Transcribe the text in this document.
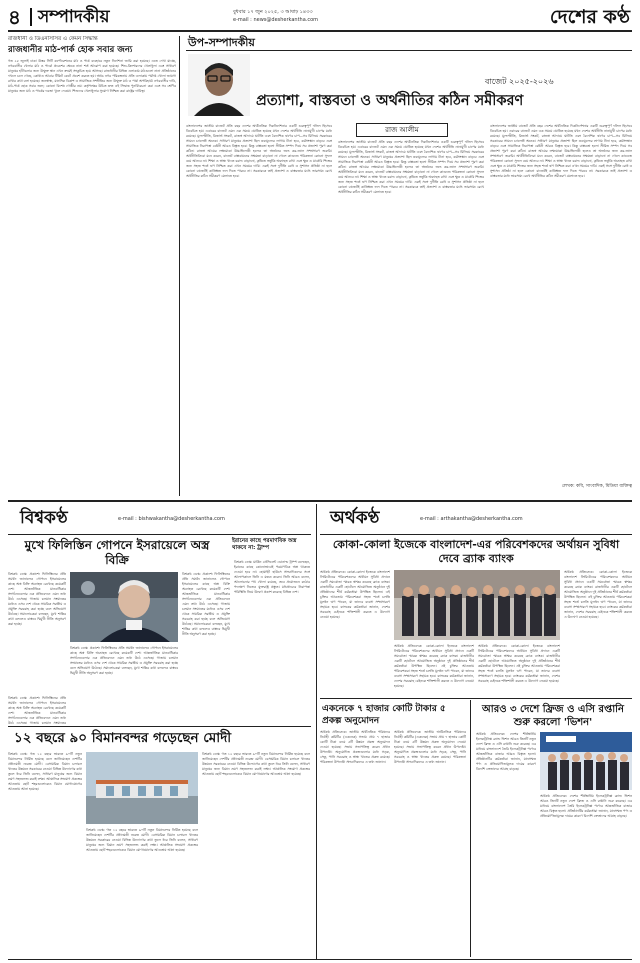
৪ সম্পাদকীয়	বুধবার ১৭ জুন ২০২৫, ৩ আষাঢ় ১৪৩৩
e-mail : news@desherkantha.com	দেশের কণ্ঠ
রাজধানী ও ডিএনসিসির এ কেমন সিদ্ধান্ত
রাজধানীর মাঠ-পার্ক হোক সবার জন্য
গত ২৫ জুলাই ঢাকা উত্তর সিটি কর্পোরেশনের মাঠ ও পার্ক ব্যবহারে নতুন নির্দেশনা জারি করা হয়েছে। এতে দেখা যাচ্ছে, নগরবাসীর খেলার মাঠ ও পার্কে প্রবেশের ক্ষেত্রে নানা শর্ত আরোপ করা হয়েছে। শিশু-কিশোরদের খেলাধুলা এবং সাধারণ মানুষের হাঁটাচলার জন্য উন্মুক্ত স্থান এখন ক্রমেই সংকুচিত হয়ে আসছে। রাজধানীর বিভিন্ন এলাকায় মাঠগুলো নানা প্রতিষ্ঠানের দখলে চলে গেছে, কোথাও আবার টিকিট কেটে প্রবেশ করতে হয়। অথচ নগর পরিকল্পনায় প্রতি এলাকায় পর্যাপ্ত খোলা জায়গা রাখার কথা বলা হয়েছে। জনস্বাস্থ্য, মানসিক বিকাশ ও সামাজিক সম্প্রীতির জন্য উন্মুক্ত মাঠ ও পার্ক অপরিহার্য। নগরবাসীর দাবি, মাঠ-পার্ক হোক সবার জন্য; কোনো বিশেষ গোষ্ঠীর নয়। কর্তৃপক্ষের উচিত দ্রুত এই সিদ্ধান্ত পুনর্বিবেচনা করা এবং সব শ্রেণির মানুষের জন্য মাঠ ও পার্কের দরজা খুলে দেওয়া। শিশুদের খেলাধুলার সুযোগ নিশ্চিত করা রাষ্ট্রের দায়িত্ব।
উপ-সম্পাদকীয়
বাজেট ২০২৫-২০২৬
প্রত্যাশা, বাস্তবতা ও অর্থনীতির কঠিন সমীকরণ
রাজ আলীম
বাংলাদেশের জাতীয় বাজেট প্রতি বছর দেশের অর্থনৈতিক দিকনির্দেশনার একটি গুরুত্বপূর্ণ দলিল হিসেবে বিবেচিত হয়। এবারের বাজেট এমন এক সময়ে ঘোষিত হয়েছে যখন দেশের অর্থনীতি নানামুখী চাপের মধ্যে রয়েছে। মূল্যস্ফীতি, রিজার্ভ সংকট, রাজস্ব আদায়ে ঘাটতি এবং বৈদেশিক ঋণের চাপ—সব মিলিয়ে সরকারের সামনে চ্যালেঞ্জ অনেক। সাধারণ মানুষের প্রত্যাশা ছিল দ্রব্যমূল্যের লাগাম টানা হবে, কর্মসংস্থান বাড়বে এবং সামাজিক নিরাপত্তা বেষ্টনী আরও বিস্তৃত হবে। কিন্তু বাস্তবতা হলো সীমিত সম্পদ দিয়ে সব প্রত্যাশা পূরণ করা কঠিন। রাজস্ব আয়ের লক্ষ্যমাত্রা উচ্চাভিলাষী হলেও তা অর্জনের জন্য কর-জাল সম্প্রসারণ জরুরি। অর্থনীতিবিদরা মনে করেন, বাজেট বাস্তবায়নের সক্ষমতা বাড়ানো না গেলে কাগুজে পরিকল্পনা কোনো সুফল বয়ে আনবে না। শিক্ষা ও স্বাস্থ্য খাতে বরাদ্দ বাড়ানো, কৃষিতে ভর্তুকি অব্যাহত রাখা এবং ক্ষুদ্র ও মাঝারি শিল্পের জন্য সহজ শর্তে ঋণ নিশ্চিত করা এখন সময়ের দাবি। একই সঙ্গে দুর্নীতি রোধ ও সুশাসন প্রতিষ্ঠা না হলে কোনো বাজেটই কাঙ্ক্ষিত ফল দিতে পারবে না। সরকারকে তাই প্রত্যাশা ও বাস্তবতার মধ্যে ভারসাম্য রেখে অর্থনীতির কঠিন সমীকরণ মেলাতে হবে।
বাংলাদেশের জাতীয় বাজেট প্রতি বছর দেশের অর্থনৈতিক দিকনির্দেশনার একটি গুরুত্বপূর্ণ দলিল হিসেবে বিবেচিত হয়। এবারের বাজেট এমন এক সময়ে ঘোষিত হয়েছে যখন দেশের অর্থনীতি নানামুখী চাপের মধ্যে রয়েছে। মূল্যস্ফীতি, রিজার্ভ সংকট, রাজস্ব আদায়ে ঘাটতি এবং বৈদেশিক ঋণের চাপ—সব মিলিয়ে সরকারের সামনে চ্যালেঞ্জ অনেক। সাধারণ মানুষের প্রত্যাশা ছিল দ্রব্যমূল্যের লাগাম টানা হবে, কর্মসংস্থান বাড়বে এবং সামাজিক নিরাপত্তা বেষ্টনী আরও বিস্তৃত হবে। কিন্তু বাস্তবতা হলো সীমিত সম্পদ দিয়ে সব প্রত্যাশা পূরণ করা কঠিন। রাজস্ব আয়ের লক্ষ্যমাত্রা উচ্চাভিলাষী হলেও তা অর্জনের জন্য কর-জাল সম্প্রসারণ জরুরি। অর্থনীতিবিদরা মনে করেন, বাজেট বাস্তবায়নের সক্ষমতা বাড়ানো না গেলে কাগুজে পরিকল্পনা কোনো সুফল বয়ে আনবে না। শিক্ষা ও স্বাস্থ্য খাতে বরাদ্দ বাড়ানো, কৃষিতে ভর্তুকি অব্যাহত রাখা এবং ক্ষুদ্র ও মাঝারি শিল্পের জন্য সহজ শর্তে ঋণ নিশ্চিত করা এখন সময়ের দাবি। একই সঙ্গে দুর্নীতি রোধ ও সুশাসন প্রতিষ্ঠা না হলে কোনো বাজেটই কাঙ্ক্ষিত ফল দিতে পারবে না। সরকারকে তাই প্রত্যাশা ও বাস্তবতার মধ্যে ভারসাম্য রেখে অর্থনীতির কঠিন সমীকরণ মেলাতে হবে।
বাংলাদেশের জাতীয় বাজেট প্রতি বছর দেশের অর্থনৈতিক দিকনির্দেশনার একটি গুরুত্বপূর্ণ দলিল হিসেবে বিবেচিত হয়। এবারের বাজেট এমন এক সময়ে ঘোষিত হয়েছে যখন দেশের অর্থনীতি নানামুখী চাপের মধ্যে রয়েছে। মূল্যস্ফীতি, রিজার্ভ সংকট, রাজস্ব আদায়ে ঘাটতি এবং বৈদেশিক ঋণের চাপ—সব মিলিয়ে সরকারের সামনে চ্যালেঞ্জ অনেক। সাধারণ মানুষের প্রত্যাশা ছিল দ্রব্যমূল্যের লাগাম টানা হবে, কর্মসংস্থান বাড়বে এবং সামাজিক নিরাপত্তা বেষ্টনী আরও বিস্তৃত হবে। কিন্তু বাস্তবতা হলো সীমিত সম্পদ দিয়ে সব প্রত্যাশা পূরণ করা কঠিন। রাজস্ব আয়ের লক্ষ্যমাত্রা উচ্চাভিলাষী হলেও তা অর্জনের জন্য কর-জাল সম্প্রসারণ জরুরি। অর্থনীতিবিদরা মনে করেন, বাজেট বাস্তবায়নের সক্ষমতা বাড়ানো না গেলে কাগুজে পরিকল্পনা কোনো সুফল বয়ে আনবে না। শিক্ষা ও স্বাস্থ্য খাতে বরাদ্দ বাড়ানো, কৃষিতে ভর্তুকি অব্যাহত রাখা এবং ক্ষুদ্র ও মাঝারি শিল্পের জন্য সহজ শর্তে ঋণ নিশ্চিত করা এখন সময়ের দাবি। একই সঙ্গে দুর্নীতি রোধ ও সুশাসন প্রতিষ্ঠা না হলে কোনো বাজেটই কাঙ্ক্ষিত ফল দিতে পারবে না। সরকারকে তাই প্রত্যাশা ও বাস্তবতার মধ্যে ভারসাম্য রেখে অর্থনীতির কঠিন সমীকরণ মেলাতে হবে।
লেখক: কবি, সাংবাদিক, মিডিয়া ব্যক্তিত্ব
বিশ্বকণ্ঠ	e-mail : bishwakantha@desherkantha.com
মুখে ফিলিস্তিন গোপনে ইসরায়েলে অস্ত্র বিক্রি
ইরানের কাছে পরমাণবিক অস্ত্র থাকবে না: ট্রাম্প
বিশ্বকণ্ঠ ডেস্ক: প্রকাশ্যে ফিলিস্তিনের প্রতি সমর্থন জানালেও গোপনে ইসরায়েলের কাছে অস্ত্র বিক্রি অব্যাহত রেখেছে কয়েকটি দেশ। আন্তর্জাতিক মানবাধিকার সংগঠনগুলোর এক প্রতিবেদনে এমন তথ্য উঠে এসেছে। গাজায় চলমান সংঘাতের মধ্যেও এসব দেশ থেকে সামরিক সরঞ্জাম ও প্রযুক্তি সরবরাহ করা হচ্ছে বলে অভিযোগ উঠেছে। সমালোচকরা বলছেন, মুখে শান্তির কথা বললেও বাস্তবে দ্বিমুখী নীতি অনুসরণ করা হচ্ছে।
বিশ্বকণ্ঠ ডেস্ক: প্রকাশ্যে ফিলিস্তিনের প্রতি সমর্থন জানালেও গোপনে ইসরায়েলের কাছে অস্ত্র বিক্রি অব্যাহত রেখেছে কয়েকটি দেশ। আন্তর্জাতিক মানবাধিকার সংগঠনগুলোর এক প্রতিবেদনে এমন তথ্য উঠে এসেছে। গাজায় চলমান সংঘাতের মধ্যেও এসব দেশ থেকে সামরিক সরঞ্জাম ও প্রযুক্তি সরবরাহ করা হচ্ছে বলে অভিযোগ উঠেছে। সমালোচকরা বলছেন, মুখে শান্তির কথা বললেও বাস্তবে দ্বিমুখী নীতি অনুসরণ করা হচ্ছে।
বিশ্বকণ্ঠ ডেস্ক: প্রকাশ্যে ফিলিস্তিনের প্রতি সমর্থন জানালেও গোপনে ইসরায়েলের কাছে অস্ত্র বিক্রি অব্যাহত রেখেছে কয়েকটি দেশ। আন্তর্জাতিক মানবাধিকার সংগঠনগুলোর এক প্রতিবেদনে এমন তথ্য উঠে এসেছে। গাজায় চলমান সংঘাতের মধ্যেও এসব দেশ থেকে সামরিক সরঞ্জাম ও প্রযুক্তি সরবরাহ করা হচ্ছে বলে অভিযোগ উঠেছে। সমালোচকরা বলছেন, মুখে শান্তির কথা বললেও বাস্তবে দ্বিমুখী নীতি অনুসরণ করা হচ্ছে।
বিশ্বকণ্ঠ ডেস্ক: মার্কিন প্রেসিডেন্ট ডোনাল্ড ট্রাম্প বলেছেন, ইরানের কাছে কোনোভাবেই পরমাণবিক অস্ত্র থাকতে দেওয়া হবে না। হোয়াইট হাউসে সাংবাদিকদের সঙ্গে আলাপকালে তিনি এ মন্তব্য করেন। তিনি আরও বলেন, আলোচনার পথ খোলা রয়েছে, তবে প্রয়োজনে কঠোর পদক্ষেপ নিতেও যুক্তরাষ্ট্র প্রস্তুত। মধ্যপ্রাচ্যের নিরাপত্তা পরিস্থিতি নিয়ে উদ্বেগ প্রকাশ করেছে বিভিন্ন দেশ।
বিশ্বকণ্ঠ ডেস্ক: প্রকাশ্যে ফিলিস্তিনের প্রতি সমর্থন জানালেও গোপনে ইসরায়েলের কাছে অস্ত্র বিক্রি অব্যাহত রেখেছে কয়েকটি দেশ। আন্তর্জাতিক মানবাধিকার সংগঠনগুলোর এক প্রতিবেদনে এমন তথ্য উঠে এসেছে। গাজায় চলমান সংঘাতের
১২ বছরে ৯০ বিমানবন্দর গড়েছেন মোদী
বিশ্বকণ্ঠ ডেস্ক: গত ১২ বছরে ভারতে ৯০টি নতুন বিমানবন্দর নির্মিত হয়েছে বলে জানিয়েছেন দেশটির প্রধানমন্ত্রী নরেন্দ্র মোদী। বেসামরিক বিমান চলাচল খাতের উন্নয়নে সরকারের নেওয়া বিভিন্ন উদ্যোগের কথা তুলে ধরে তিনি বলেন, সাধারণ মানুষের জন্য বিমান ভ্রমণ সহজলভ্য করাই লক্ষ্য। আঞ্চলিক সংযোগ প্রকল্পের আওতায় ছোট শহরগুলোকেও বিমান যোগাযোগের আওতায় আনা হয়েছে।
বিশ্বকণ্ঠ ডেস্ক: গত ১২ বছরে ভারতে ৯০টি নতুন বিমানবন্দর নির্মিত হয়েছে বলে জানিয়েছেন দেশটির প্রধানমন্ত্রী নরেন্দ্র মোদী। বেসামরিক বিমান চলাচল খাতের উন্নয়নে সরকারের নেওয়া বিভিন্ন উদ্যোগের কথা তুলে ধরে তিনি বলেন, সাধারণ মানুষের জন্য বিমান ভ্রমণ সহজলভ্য করাই লক্ষ্য। আঞ্চলিক সংযোগ প্রকল্পের আওতায় ছোট শহরগুলোকেও বিমান যোগাযোগের আওতায় আনা হয়েছে।
বিশ্বকণ্ঠ ডেস্ক: গত ১২ বছরে ভারতে ৯০টি নতুন বিমানবন্দর নির্মিত হয়েছে বলে জানিয়েছেন দেশটির প্রধানমন্ত্রী নরেন্দ্র মোদী। বেসামরিক বিমান চলাচল খাতের উন্নয়নে সরকারের নেওয়া বিভিন্ন উদ্যোগের কথা তুলে ধরে তিনি বলেন, সাধারণ মানুষের জন্য বিমান ভ্রমণ সহজলভ্য করাই লক্ষ্য। আঞ্চলিক সংযোগ প্রকল্পের আওতায় ছোট শহরগুলোকেও বিমান যোগাযোগের আওতায় আনা হয়েছে।
অর্থকণ্ঠ	e-mail : arthakantha@desherkantha.com
কোকা-কোলা ইজেকে বাংলাদেশ-এর পরিবেশকদের অর্থায়ন সুবিধা দেবে ব্র্যাক ব্যাংক
অর্থকণ্ঠ প্রতিবেদক: কোকা-কোলা ইজেকে বাংলাদেশ লিমিটেডের পরিবেশকদের অর্থায়ন সুবিধা প্রদানে একটি সমঝোতা স্মারক স্বাক্ষর করেছে ব্র্যাক ব্যাংক। রাজধানীর একটি হোটেলে আয়োজিত অনুষ্ঠানে দুই প্রতিষ্ঠানের শীর্ষ কর্মকর্তারা উপস্থিত ছিলেন। এই চুক্তির আওতায় পরিবেশকরা সহজ শর্তে চলতি মূলধন ঋণ পাবেন, যা তাদের ব্যবসা সম্প্রসারণে সহায়ক হবে। ব্যাংকের কর্মকর্তারা জানান, দেশের সরবরাহ চেইনকে শক্তিশালী করতে এ উদ্যোগ নেওয়া হয়েছে।
অর্থকণ্ঠ প্রতিবেদক: কোকা-কোলা ইজেকে বাংলাদেশ লিমিটেডের পরিবেশকদের অর্থায়ন সুবিধা প্রদানে একটি সমঝোতা স্মারক স্বাক্ষর করেছে ব্র্যাক ব্যাংক। রাজধানীর একটি হোটেলে আয়োজিত অনুষ্ঠানে দুই প্রতিষ্ঠানের শীর্ষ কর্মকর্তারা উপস্থিত ছিলেন। এই চুক্তির আওতায় পরিবেশকরা সহজ শর্তে চলতি মূলধন ঋণ পাবেন, যা তাদের ব্যবসা সম্প্রসারণে সহায়ক হবে। ব্যাংকের কর্মকর্তারা জানান, দেশের সরবরাহ চেইনকে শক্তিশালী করতে এ উদ্যোগ নেওয়া হয়েছে।
অর্থকণ্ঠ প্রতিবেদক: কোকা-কোলা ইজেকে বাংলাদেশ লিমিটেডের পরিবেশকদের অর্থায়ন সুবিধা প্রদানে একটি সমঝোতা স্মারক স্বাক্ষর করেছে ব্র্যাক ব্যাংক। রাজধানীর একটি হোটেলে আয়োজিত অনুষ্ঠানে দুই প্রতিষ্ঠানের শীর্ষ কর্মকর্তারা উপস্থিত ছিলেন। এই চুক্তির আওতায় পরিবেশকরা সহজ শর্তে চলতি মূলধন ঋণ পাবেন, যা তাদের ব্যবসা সম্প্রসারণে সহায়ক হবে। ব্যাংকের কর্মকর্তারা জানান, দেশের সরবরাহ চেইনকে শক্তিশালী করতে এ উদ্যোগ নেওয়া হয়েছে।
অর্থকণ্ঠ প্রতিবেদক: কোকা-কোলা ইজেকে বাংলাদেশ লিমিটেডের পরিবেশকদের অর্থায়ন সুবিধা প্রদানে একটি সমঝোতা স্মারক স্বাক্ষর করেছে ব্র্যাক ব্যাংক। রাজধানীর একটি হোটেলে আয়োজিত অনুষ্ঠানে দুই প্রতিষ্ঠানের শীর্ষ কর্মকর্তারা উপস্থিত ছিলেন। এই চুক্তির আওতায় পরিবেশকরা সহজ শর্তে চলতি মূলধন ঋণ পাবেন, যা তাদের ব্যবসা সম্প্রসারণে সহায়ক হবে। ব্যাংকের কর্মকর্তারা জানান, দেশের সরবরাহ চেইনকে শক্তিশালী করতে এ উদ্যোগ নেওয়া হয়েছে।
একনেকে ৭ হাজার কোটি টাকার ৫ প্রকল্প অনুমোদন
অর্থকণ্ঠ প্রতিবেদক: জাতীয় অর্থনৈতিক পরিষদের নির্বাহী কমিটির (একনেক) সভায় প্রায় ৭ হাজার কোটি টাকা ব্যয়ে ৫টি উন্নয়ন প্রকল্প অনুমোদন দেওয়া হয়েছে। সভায় সভাপতিত্ব করেন প্রধান উপদেষ্টা। অনুমোদিত প্রকল্পগুলোর মধ্যে সড়ক, সেতু, পানি সরবরাহ ও স্বাস্থ্য খাতের প্রকল্প রয়েছে। পরিকল্পনা উপদেষ্টা সাংবাদিকদের এ তথ্য জানান।
অর্থকণ্ঠ প্রতিবেদক: জাতীয় অর্থনৈতিক পরিষদের নির্বাহী কমিটির (একনেক) সভায় প্রায় ৭ হাজার কোটি টাকা ব্যয়ে ৫টি উন্নয়ন প্রকল্প অনুমোদন দেওয়া হয়েছে। সভায় সভাপতিত্ব করেন প্রধান উপদেষ্টা। অনুমোদিত প্রকল্পগুলোর মধ্যে সড়ক, সেতু, পানি সরবরাহ ও স্বাস্থ্য খাতের প্রকল্প রয়েছে। পরিকল্পনা উপদেষ্টা সাংবাদিকদের এ তথ্য জানান।
আরও ৩ দেশে ফ্রিজ ও এসি রপ্তানি শুরু করলো 'ভিশন'
অর্থকণ্ঠ প্রতিবেদক: দেশের শীর্ষস্থানীয় ইলেকট্রনিক্স ব্র্যান্ড ভিশন আরও তিনটি নতুন দেশে ফ্রিজ ও এসি রপ্তানি শুরু করেছে। এর মাধ্যমে বাংলাদেশে তৈরি ইলেকট্রনিক্স পণ্যের আন্তর্জাতিক বাজার আরও বিস্তৃত হলো। প্রতিষ্ঠানটির কর্মকর্তারা জানান, মানসম্মত পণ্য ও প্রতিযোগিতামূলক দামের কারণে বিদেশি ক্রেতাদের আগ্রহ বাড়ছে।
অর্থকণ্ঠ প্রতিবেদক: দেশের শীর্ষস্থানীয় ইলেকট্রনিক্স ব্র্যান্ড ভিশন আরও তিনটি নতুন দেশে ফ্রিজ ও এসি রপ্তানি শুরু করেছে। এর মাধ্যমে বাংলাদেশে তৈরি ইলেকট্রনিক্স পণ্যের আন্তর্জাতিক বাজার আরও বিস্তৃত হলো। প্রতিষ্ঠানটির কর্মকর্তারা জানান, মানসম্মত পণ্য ও প্রতিযোগিতামূলক দামের কারণে বিদেশি ক্রেতাদের আগ্রহ বাড়ছে।
